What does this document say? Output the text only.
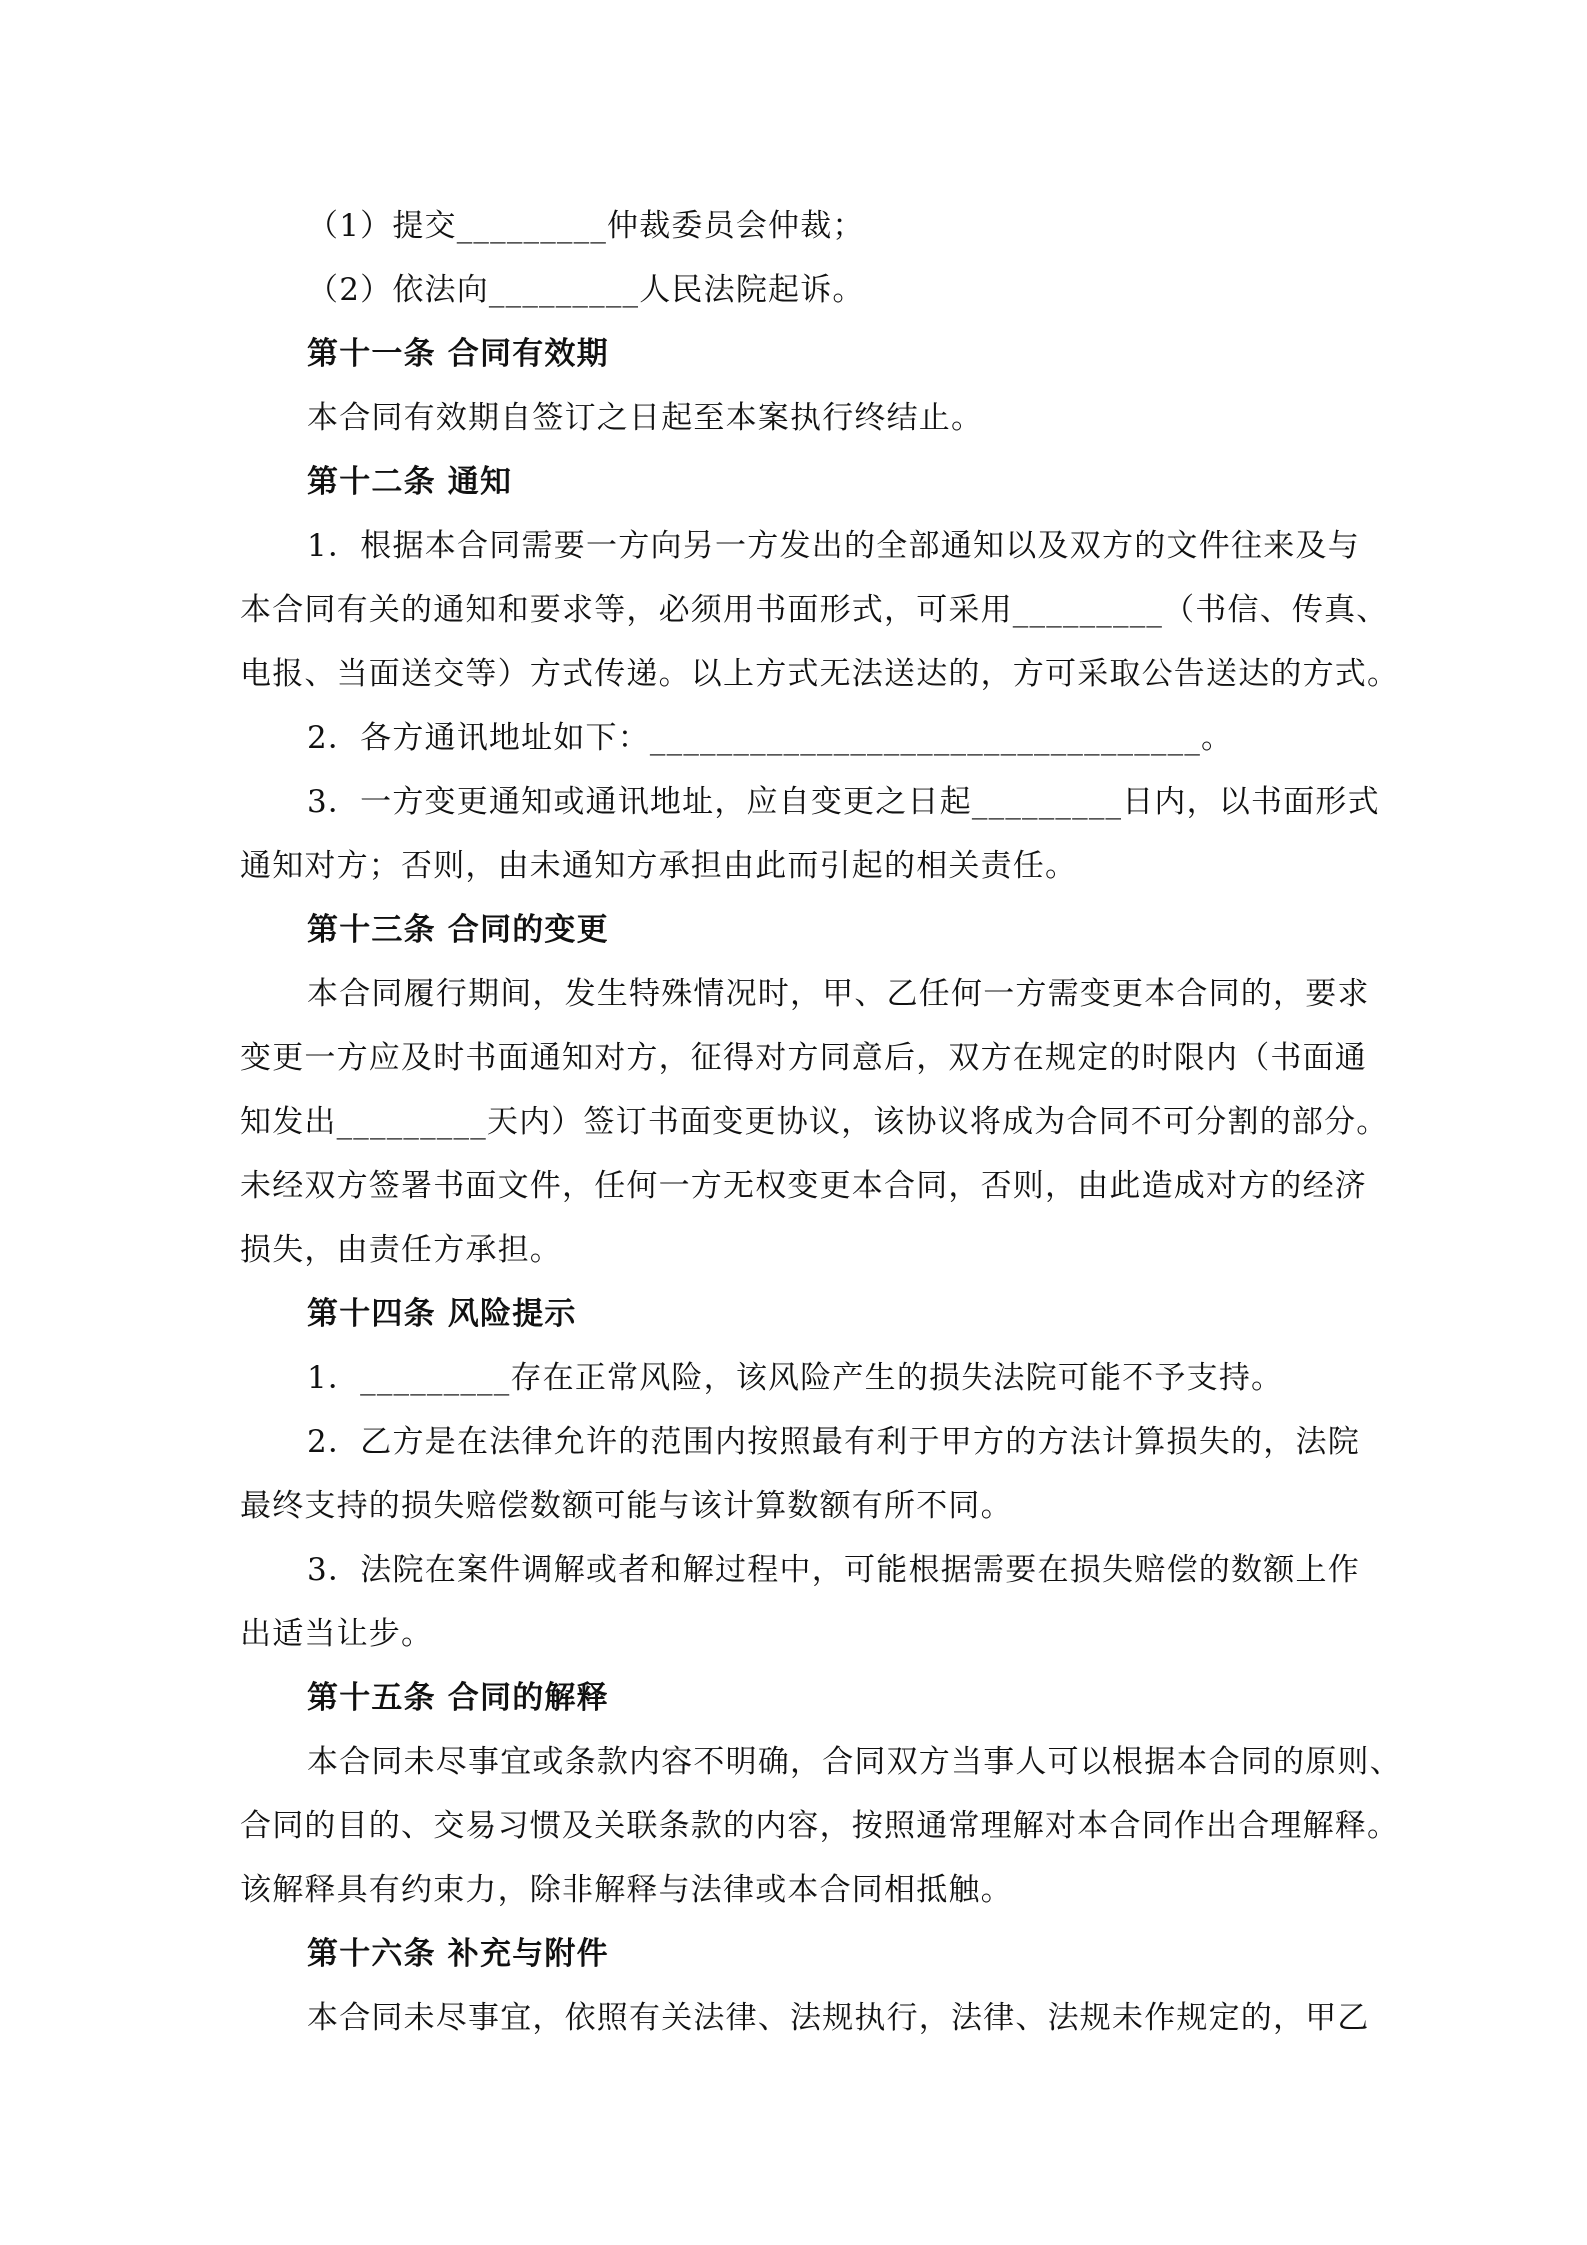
（1）提交_________仲裁委员会仲裁；
（2）依法向_________人民法院起诉。
第十一条 合同有效期
本合同有效期自签订之日起至本案执行终结止。
第十二条 通知
1．根据本合同需要一方向另一方发出的全部通知以及双方的文件往来及与
本合同有关的通知和要求等，必须用书面形式，可采用_________（书信、传真、
电报、当面送交等）方式传递。以上方式无法送达的，方可采取公告送达的方式。
2．各方通讯地址如下：_________________________________。
3．一方变更通知或通讯地址，应自变更之日起_________日内，以书面形式
通知对方；否则，由未通知方承担由此而引起的相关责任。
第十三条 合同的变更
本合同履行期间，发生特殊情况时，甲、乙任何一方需变更本合同的，要求
变更一方应及时书面通知对方，征得对方同意后，双方在规定的时限内（书面通
知发出_________天内）签订书面变更协议，该协议将成为合同不可分割的部分。
未经双方签署书面文件，任何一方无权变更本合同，否则，由此造成对方的经济
损失，由责任方承担。
第十四条 风险提示
1．_________存在正常风险，该风险产生的损失法院可能不予支持。
2．乙方是在法律允许的范围内按照最有利于甲方的方法计算损失的，法院
最终支持的损失赔偿数额可能与该计算数额有所不同。
3．法院在案件调解或者和解过程中，可能根据需要在损失赔偿的数额上作
出适当让步。
第十五条 合同的解释
本合同未尽事宜或条款内容不明确，合同双方当事人可以根据本合同的原则、
合同的目的、交易习惯及关联条款的内容，按照通常理解对本合同作出合理解释。
该解释具有约束力，除非解释与法律或本合同相抵触。
第十六条 补充与附件
本合同未尽事宜，依照有关法律、法规执行，法律、法规未作规定的，甲乙
